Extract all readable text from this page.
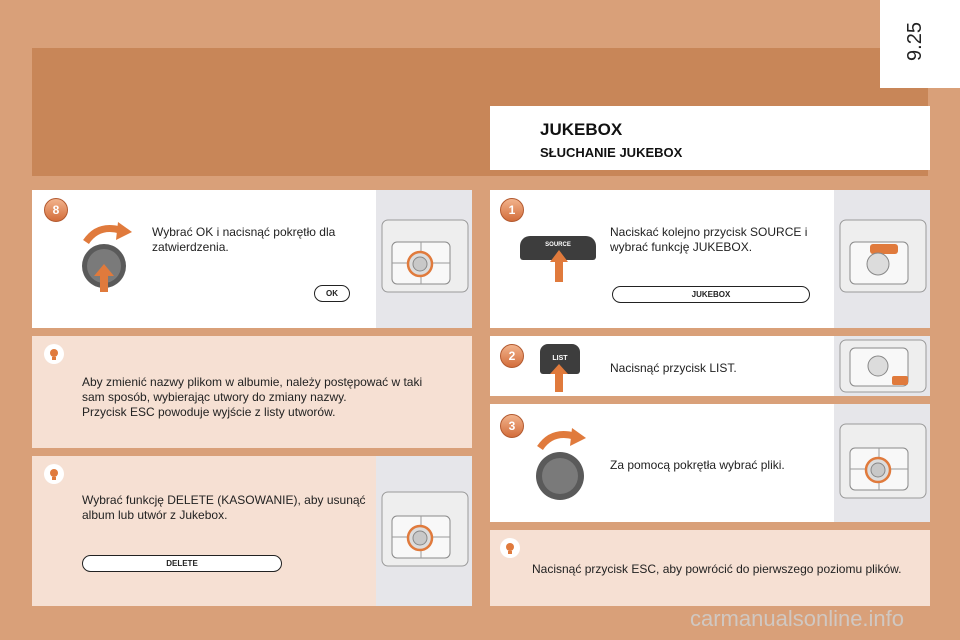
9.25
JUKEBOX
SŁUCHANIE JUKEBOX
8
Wybrać OK i nacisnąć pokrętło dla zatwierdzenia.
OK
Aby zmienić nazwy plikom w albumie, należy postępować w taki
sam sposób, wybierając utwory do zmiany nazwy.
Przycisk ESC powoduje wyjście z listy utworów.
Wybrać funkcję DELETE (KASOWANIE), aby usunąć album lub utwór z Jukebox.
DELETE
1
SOURCE
Naciskać kolejno przycisk SOURCE i wybrać funkcję JUKEBOX.
JUKEBOX
2	LIST
Nacisnąć przycisk LIST.
3
Za pomocą pokrętła wybrać pliki.
Nacisnąć przycisk ESC, aby powrócić do pierwszego poziomu plików.
carmanualsonline.info
